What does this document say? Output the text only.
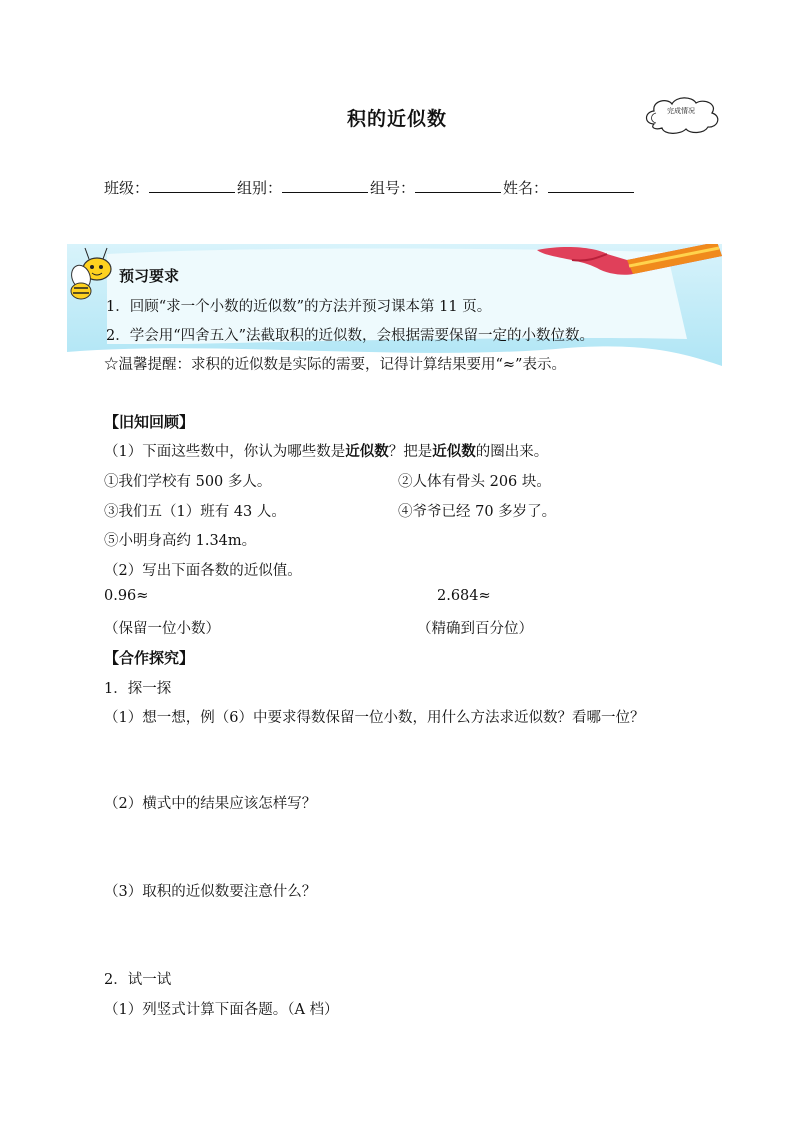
积的近似数	完成情况
班级：	组别：	组号：	姓名：
预习要求
1．回顾“求一个小数的近似数”的方法并预习课本第 11 页。
2．学会用“四舍五入”法截取积的近似数，会根据需要保留一定的小数位数。
☆温馨提醒：求积的近似数是实际的需要，记得计算结果要用“≈”表示。
【旧知回顾】
（1）下面这些数中，你认为哪些数是近似数？把是近似数的圈出来。
①我们学校有 500 多人。	②人体有骨头 206 块。
③我们五（1）班有 43 人。	④爷爷已经 70 多岁了。
⑤小明身高约 1.34m。
（2）写出下面各数的近似值。
0.96≈	2.684≈
（保留一位小数）	（精确到百分位）
【合作探究】
1．探一探
（1）想一想，例（6）中要求得数保留一位小数，用什么方法求近似数？看哪一位？
（2）横式中的结果应该怎样写？
（3）取积的近似数要注意什么？
2．试一试
（1）列竖式计算下面各题。（A 档）
